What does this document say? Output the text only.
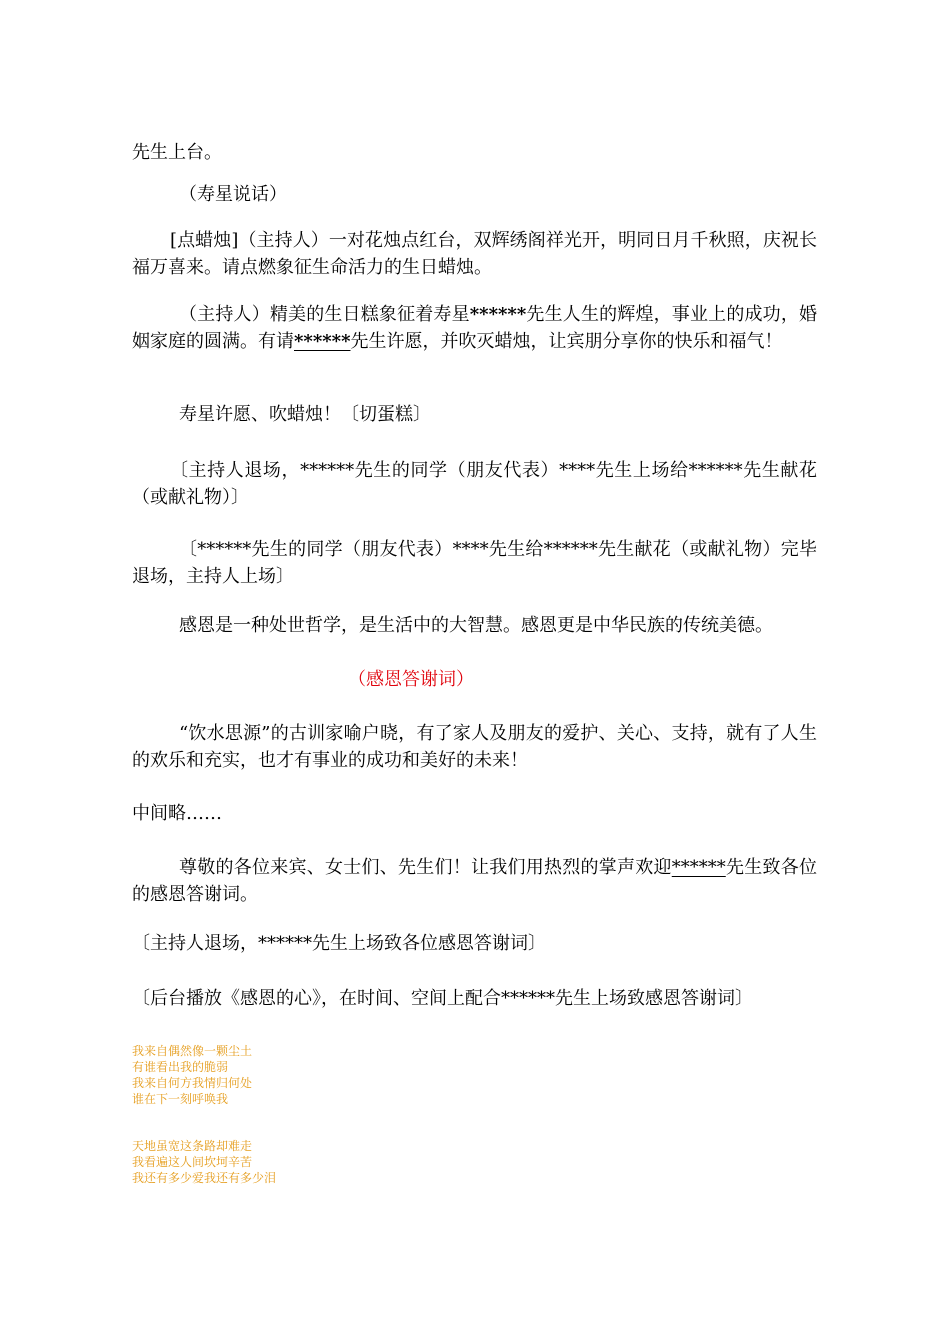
先生上台。

（寿星说话）

[点蜡烛]（主持人）一对花烛点红台，双辉绣阁祥光开，明同日月千秋照，庆祝长福万喜来。请点燃象征生命活力的生日蜡烛。

（主持人）精美的生日糕象征着寿星******先生人生的辉煌，事业上的成功，婚姻家庭的圆满。有请******先生许愿，并吹灭蜡烛，让宾朋分享你的快乐和福气！

寿星许愿、吹蜡烛！〔切蛋糕〕

〔主持人退场，******先生的同学（朋友代表）****先生上场给******先生献花（或献礼物）〕

〔******先生的同学（朋友代表）****先生给******先生献花（或献礼物）完毕退场，主持人上场〕

感恩是一种处世哲学，是生活中的大智慧。感恩更是中华民族的传统美德。

（感恩答谢词）

“饮水思源”的古训家喻户晓，有了家人及朋友的爱护、关心、支持，就有了人生的欢乐和充实，也才有事业的成功和美好的未来！

中间略……

尊敬的各位来宾、女士们、先生们！让我们用热烈的掌声欢迎******先生致各位的感恩答谢词。

〔主持人退场，******先生上场致各位感恩答谢词〕

〔后台播放《感恩的心》，在时间、空间上配合******先生上场致感恩答谢词〕

我来自偶然像一颗尘土
有谁看出我的脆弱
我来自何方我情归何处
谁在下一刻呼唤我
天地虽宽这条路却难走
我看遍这人间坎坷辛苦
我还有多少爱我还有多少泪
